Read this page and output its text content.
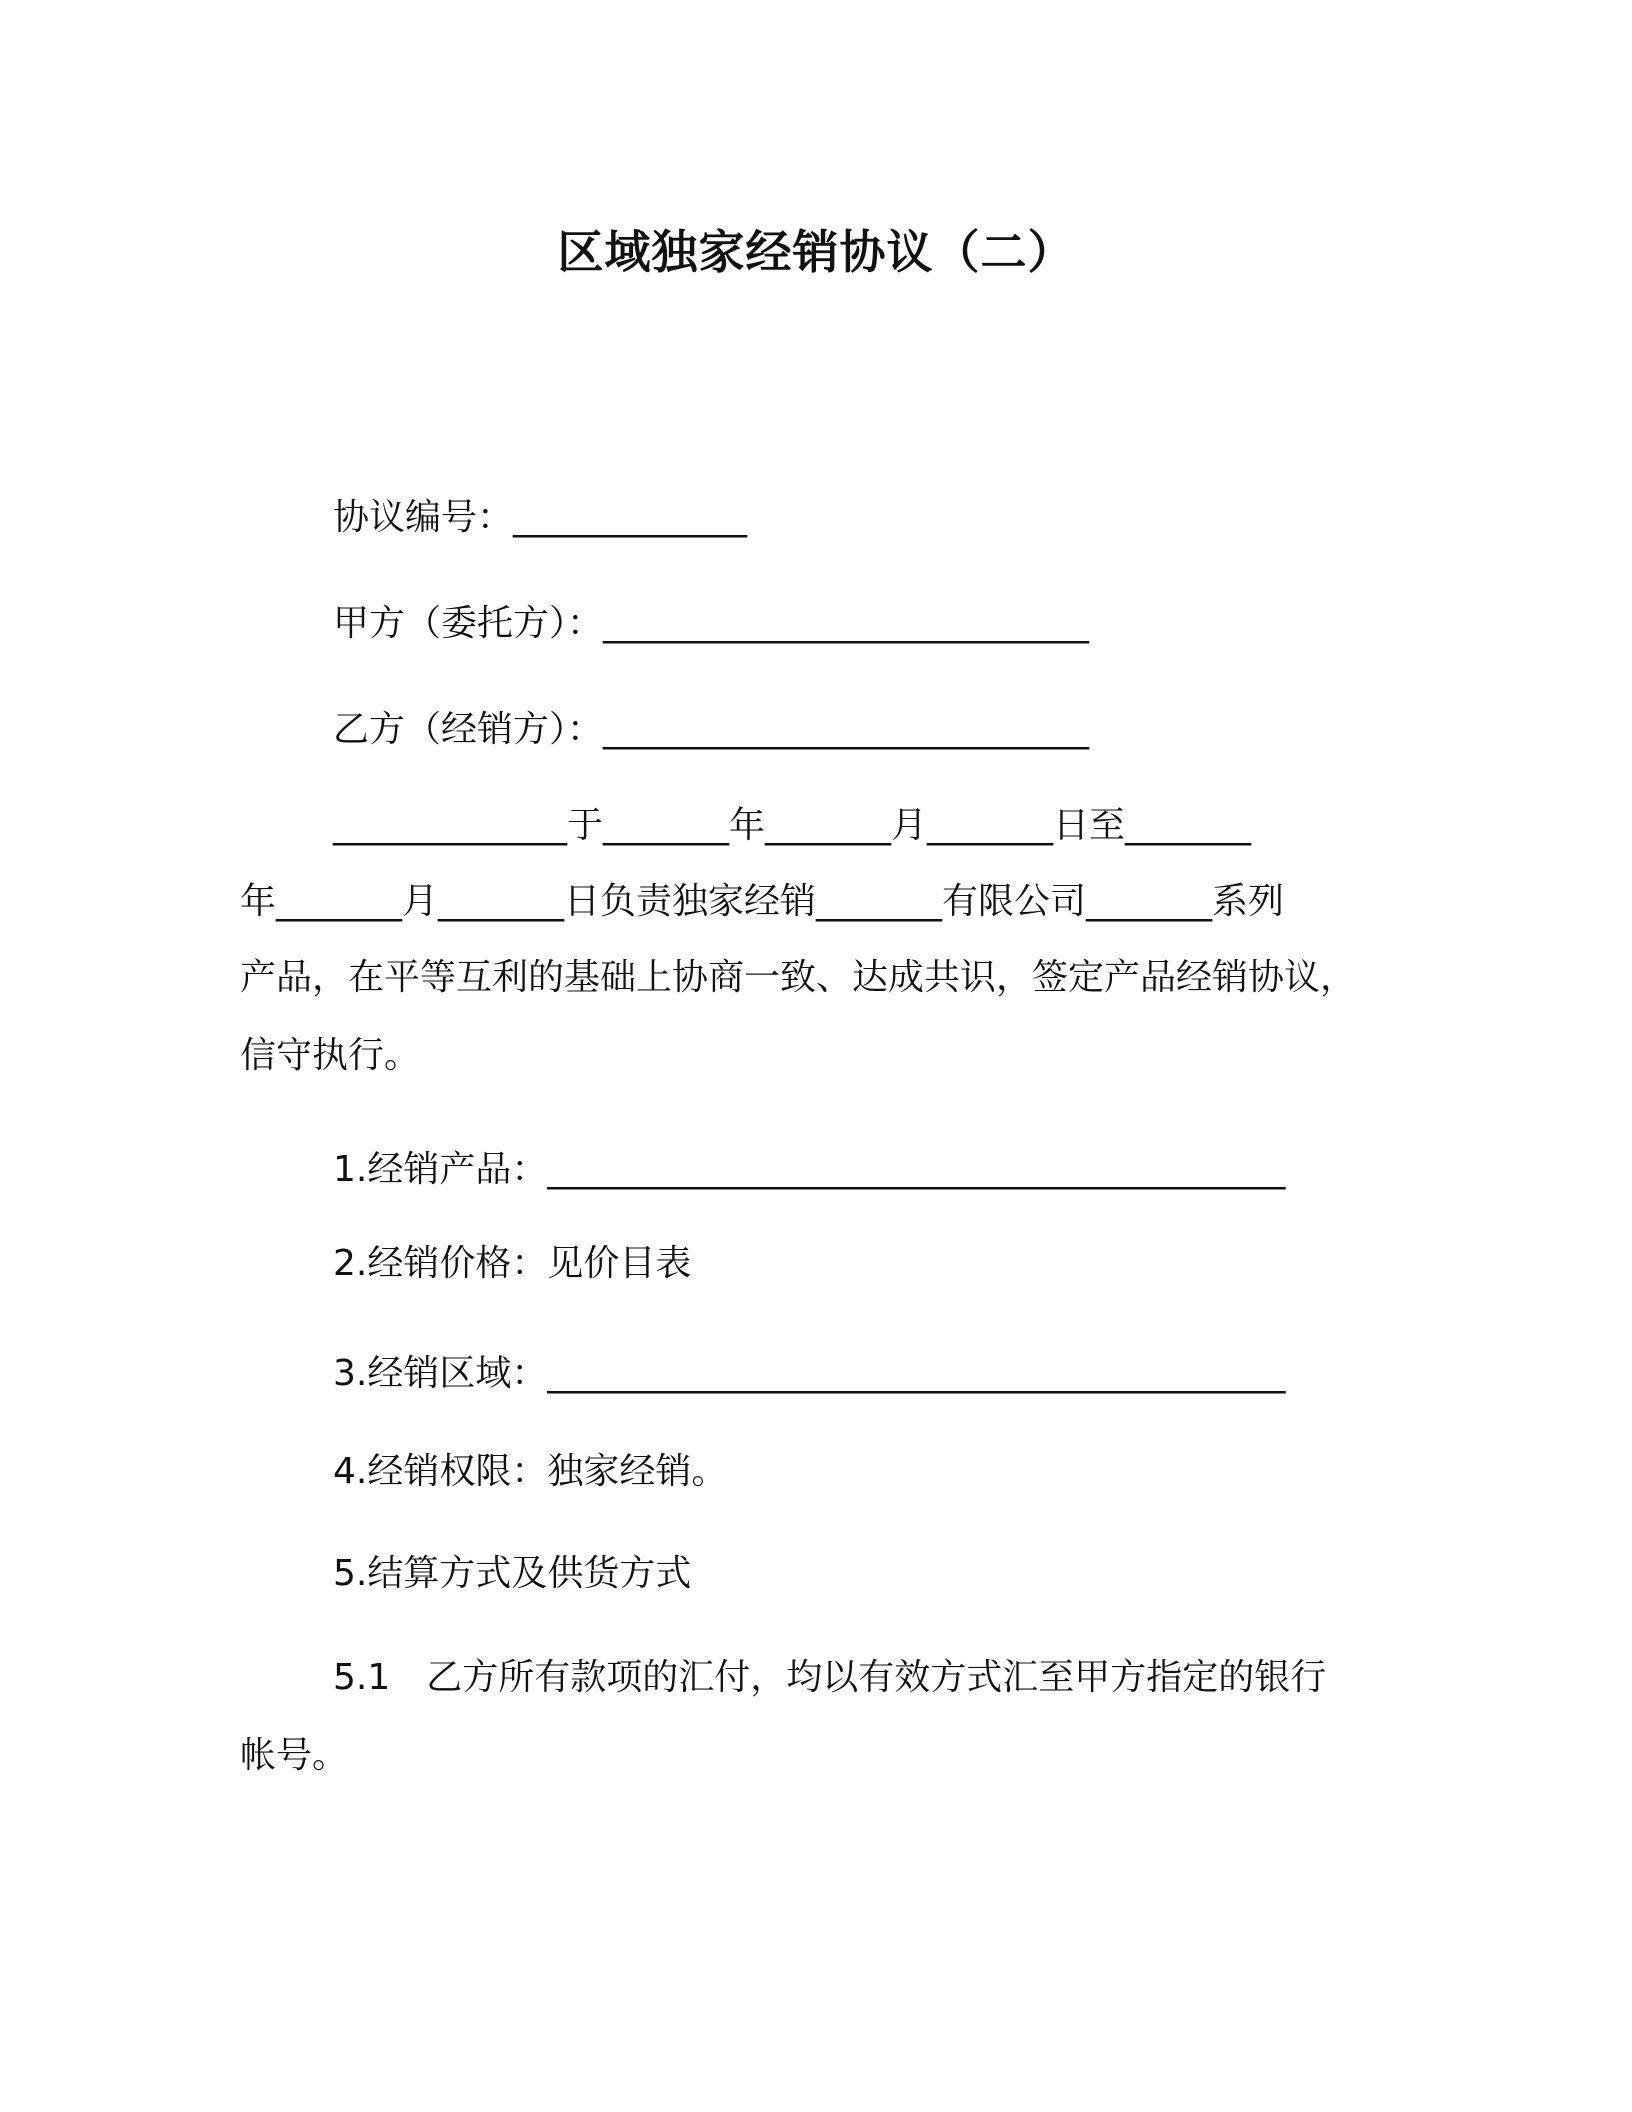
区域独家经销协议（二）
协议编号：_____________
甲方（委托方）：___________________________
乙方（经销方）：___________________________
_____________于_______年_______月_______日至_______
年_______月_______日负责独家经销_______有限公司_______系列
产品，在平等互利的基础上协商一致、达成共识，签定产品经销协议，
信守执行。
1.经销产品：_________________________________________
2.经销价格：见价目表
3.经销区域：_________________________________________
4.经销权限：独家经销。
5.结算方式及供货方式
5.1　乙方所有款项的汇付，均以有效方式汇至甲方指定的银行
帐号。
